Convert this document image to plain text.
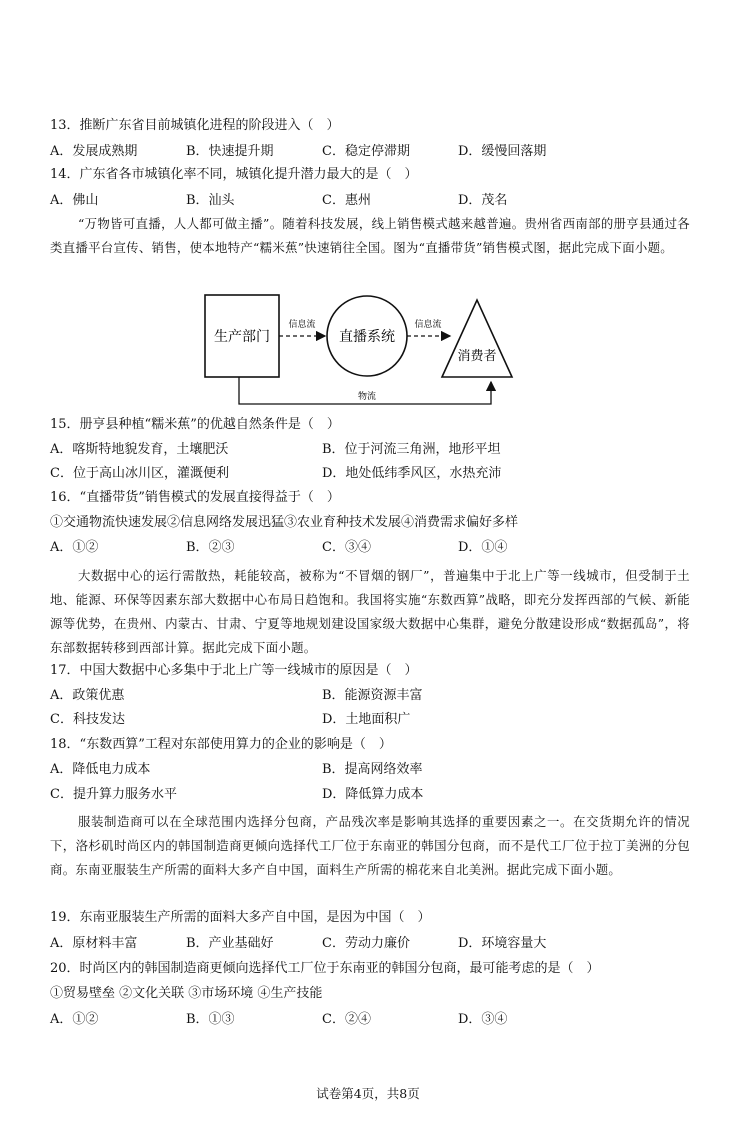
13．推断广东省目前城镇化进程的阶段进入（　）
A．发展成熟期	B．快速提升期	C．稳定停滞期	D．缓慢回落期
14．广东省各市城镇化率不同，城镇化提升潜力最大的是（　）
A．佛山	B．汕头	C．惠州	D．茂名
“万物皆可直播，人人都可做主播”。随着科技发展，线上销售模式越来越普遍。贵州省西南部的册亨县通过各类直播平台宣传、销售，使本地特产“糯米蕉”快速销往全国。图为“直播带货”销售模式图，据此完成下面小题。
生产部门
信息流
直播系统
信息流
消费者
物流
15．册亨县种植“糯米蕉”的优越自然条件是（　）
A．喀斯特地貌发育，土壤肥沃	B．位于河流三角洲，地形平坦
C．位于高山冰川区，灌溉便利	D．地处低纬季风区，水热充沛
16．“直播带货”销售模式的发展直接得益于（　）
①交通物流快速发展②信息网络发展迅猛③农业育种技术发展④消费需求偏好多样
A．①②	B．②③	C．③④	D．①④
大数据中心的运行需散热，耗能较高，被称为“不冒烟的钢厂”，普遍集中于北上广等一线城市，但受制于土地、能源、环保等因素东部大数据中心布局日趋饱和。我国将实施“东数西算”战略，即充分发挥西部的气候、新能源等优势，在贵州、内蒙古、甘肃、宁夏等地规划建设国家级大数据中心集群，避免分散建设形成“数据孤岛”，将东部数据转移到西部计算。据此完成下面小题。
17．中国大数据中心多集中于北上广等一线城市的原因是（　）
A．政策优惠	B．能源资源丰富
C．科技发达	D．土地面积广
18．“东数西算”工程对东部使用算力的企业的影响是（　）
A．降低电力成本	B．提高网络效率
C．提升算力服务水平	D．降低算力成本
服装制造商可以在全球范围内选择分包商，产品残次率是影响其选择的重要因素之一。在交货期允许的情况下，洛杉矶时尚区内的韩国制造商更倾向选择代工厂位于东南亚的韩国分包商，而不是代工厂位于拉丁美洲的分包商。东南亚服装生产所需的面料大多产自中国，面料生产所需的棉花来自北美洲。据此完成下面小题。
19．东南亚服装生产所需的面料大多产自中国，是因为中国（　）
A．原材料丰富	B．产业基础好	C．劳动力廉价	D．环境容量大
20．时尚区内的韩国制造商更倾向选择代工厂位于东南亚的韩国分包商，最可能考虑的是（　）
①贸易壁垒 ②文化关联 ③市场环境 ④生产技能
A．①②	B．①③	C．②④	D．③④
试卷第4页，共8页
